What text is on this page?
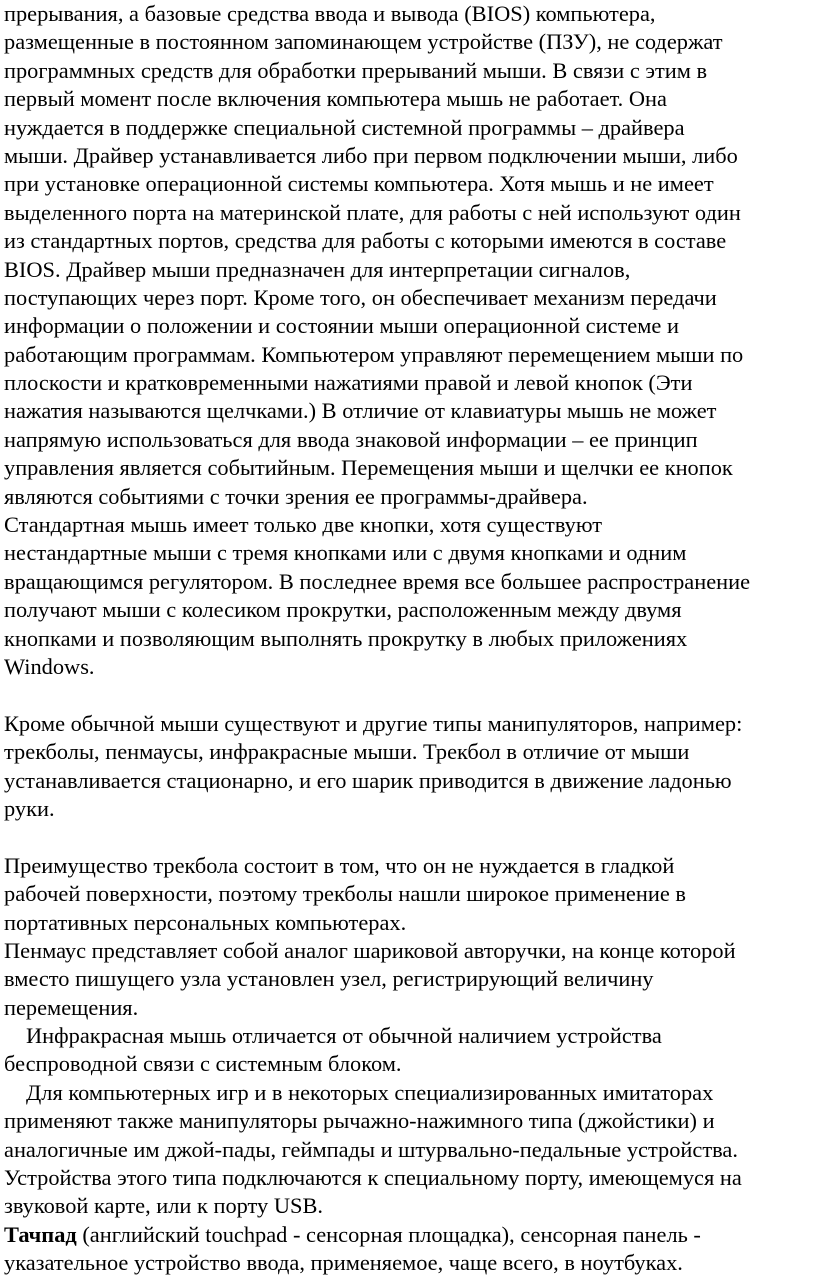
прерывания, а базовые средства ввода и вывода (BIOS) компьютера,
размещенные в постоянном запоминающем устройстве (ПЗУ), не содержат
программных средств для обработки прерываний мыши. В связи с этим в
первый момент после включения компьютера мышь не работает. Она
нуждается в поддержке специальной системной программы – драйвера
мыши. Драйвер устанавливается либо при первом подключении мыши, либо
при установке операционной системы компьютера. Хотя мышь и не имеет
выделенного порта на материнской плате, для работы с ней используют один
из стандартных портов, средства для работы с которыми имеются в составе
BIOS. Драйвер мыши предназначен для интерпретации сигналов,
поступающих через порт. Кроме того, он обеспечивает механизм передачи
информации о положении и состоянии мыши операционной системе и
работающим программам. Компьютером управляют перемещением мыши по
плоскости и кратковременными нажатиями правой и левой кнопок (Эти
нажатия называются щелчками.) В отличие от клавиатуры мышь не может
напрямую использоваться для ввода знаковой информации – ее принцип
управления является событийным. Перемещения мыши и щелчки ее кнопок
являются событиями с точки зрения ее программы-драйвера.
Стандартная мышь имеет только две кнопки, хотя существуют
нестандартные мыши с тремя кнопками или с двумя кнопками и одним
вращающимся регулятором. В последнее время все большее распространение
получают мыши с колесиком прокрутки, расположенным между двумя
кнопками и позволяющим выполнять прокрутку в любых приложениях
Windows.
Кроме обычной мыши существуют и другие типы манипуляторов, например:
трекболы, пенмаусы, инфракрасные мыши. Трекбол в отличие от мыши
устанавливается стационарно, и его шарик приводится в движение ладонью
руки.
Преимущество трекбола состоит в том, что он не нуждается в гладкой
рабочей поверхности, поэтому трекболы нашли широкое применение в
портативных персональных компьютерах.
Пенмаус представляет собой аналог шариковой авторучки, на конце которой
вместо пишущего узла установлен узел, регистрирующий величину
перемещения.
Инфракрасная мышь отличается от обычной наличием устройства
беспроводной связи с системным блоком.
Для компьютерных игр и в некоторых специализированных имитаторах
применяют также манипуляторы рычажно-нажимного типа (джойстики) и
аналогичные им джой-пады, геймпады и штурвально-педальные устройства.
Устройства этого типа подключаются к специальному порту, имеющемуся на
звуковой карте, или к порту USB.
Тачпад (английский touchpad - сенсорная площадка), сенсорная панель -
указательное устройство ввода, применяемое, чаще всего, в ноутбуках.
